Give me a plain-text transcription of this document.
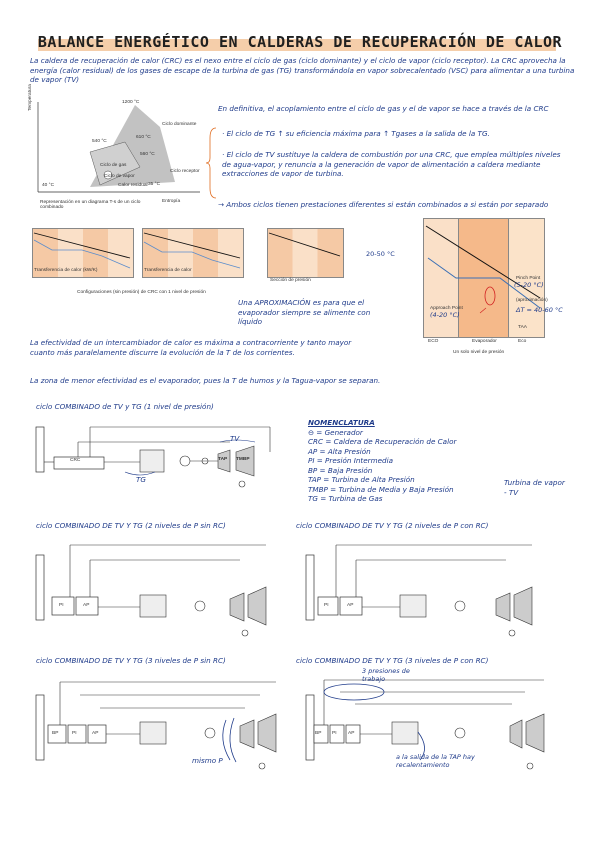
BALANCE ENERGÉTICO EN CALDERAS DE RECUPERACIÓN DE CALOR
La caldera de recuperación de calor (CRC) es el nexo entre el ciclo de gas (ciclo dominante) y el ciclo de vapor (ciclo receptor). La CRC aprovecha la energía (calor residual) de los gases de escape de la turbina de gas (TG) transformándola en vapor sobrecalentado (VSC) para alimentar a una turbina de vapor (TV)
Temperatura
Entropía
1200 °C
610 °C
560 °C
540 °C
40 °C	35 °C
Ciclo de gas
Ciclo de vapor
Calor residual
Ciclo receptor
Ciclo dominante
Representación en un diagrama T-s de un ciclo combinado
En definitiva, el acoplamiento entre el ciclo de gas y el de vapor se hace a través de la CRC
· El ciclo de TG ↑ su eficiencia máxima para ↑ Tgases a la salida de la TG.
· El ciclo de TV sustituye la caldera de combustión por una CRC, que emplea múltiples niveles de agua-vapor, y renuncia a la generación de vapor de alimentación a caldera mediante extracciones de vapor de turbina.
→ Ambos ciclos tienen prestaciones diferentes si están combinados a si están por separado
Transferencia de calor (kW/K)	Transferencia de calor
Sección de presión
Configuraciones (sin presión) de CRC con 1 nivel de presión
20-50 °C
Pinch Point
(5-20 °C)
Approach Point
(4-20 °C)
(aproximación)
ΔT = 40-60 °C
TAA
ECO	Evaporador	Eco
Un solo nivel de presión
Una APROXIMACIÓN es para que el evaporador siempre se alimente con líquido
La efectividad de un intercambiador de calor es máxima a contracorriente y tanto mayor cuanto más paralelamente discurre la evolución de la T de los corrientes.
La zona de menor efectividad es el evaporador, pues la T de humos y la Tagua-vapor se separan.
ciclo COMBINADO de TV y TG (1 nivel de presión)
CRC	TAP TMBP
TG
TV
NOMENCLATURA
⊖ = Generador
CRC = Caldera de Recuperación de Calor
AP = Alta Presión
PI = Presión Intermedia
BP = Baja Presión
TAP = Turbina de Alta Presión
TMBP = Turbina de Media y Baja Presión
TG = Turbina de Gas
Turbina de vapor - TV
ciclo COMBINADO DE TV Y TG (2 niveles de P sin RC)
PI	AP
ciclo COMBINADO DE TV Y TG (2 niveles de P con RC)
PI	AP
ciclo COMBINADO DE TV Y TG (3 niveles de P sin RC)
BP	PI	AP
mismo P
ciclo COMBINADO DE TV Y TG (3 niveles de P con RC)
BP PI AP
3 presiones de trabajo
a la salida de la TAP hay recalentamiento
